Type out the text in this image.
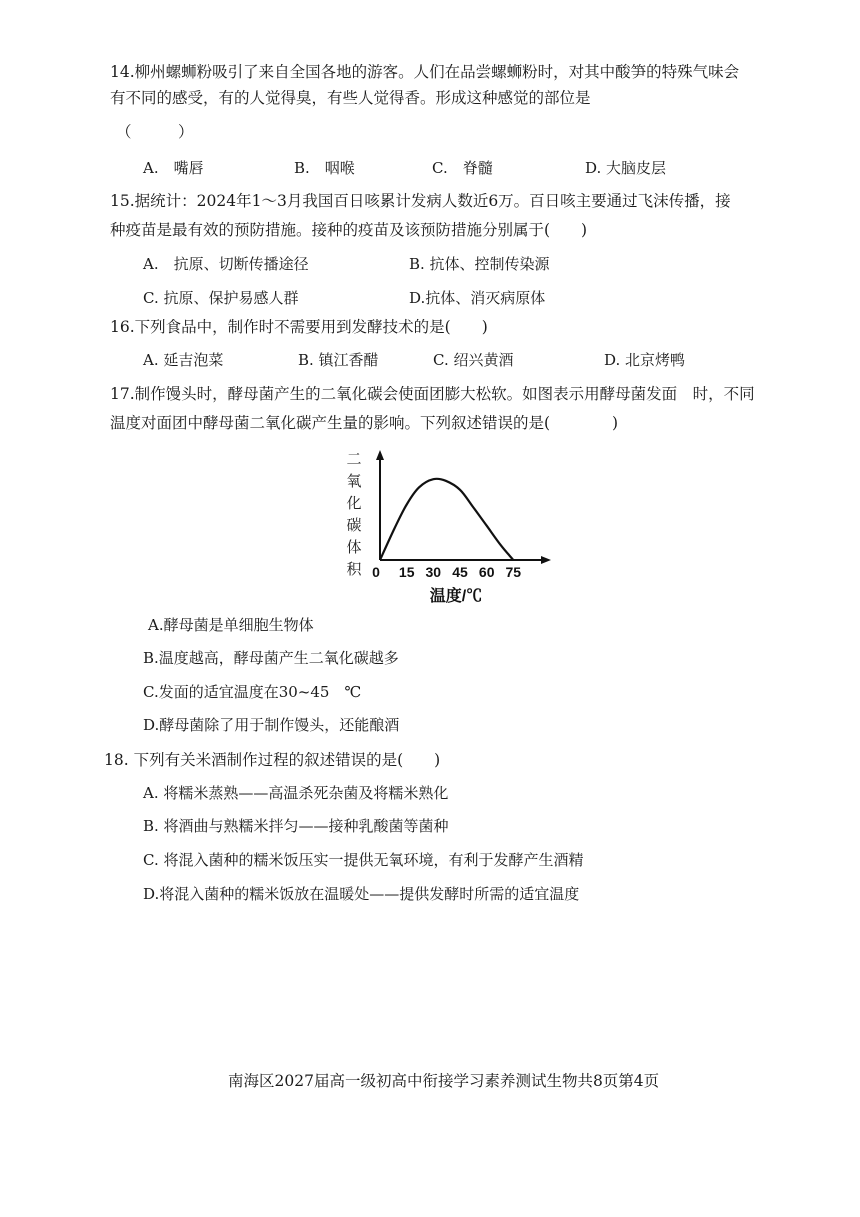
14.柳州螺蛳粉吸引了来自全国各地的游客。人们在品尝螺蛳粉时，对其中酸笋的特殊气味会
有不同的感受，有的人觉得臭，有些人觉得香。形成这种感觉的部位是
（　　　）
A.　嘴唇	B.　咽喉	C.　脊髓	D. 大脑皮层
15.据统计：2024年1～3月我国百日咳累计发病人数近6万。百日咳主要通过飞沫传播，接
种疫苗是最有效的预防措施。接种的疫苗及该预防措施分别属于(　　)
A.　抗原、切断传播途径	B. 抗体、控制传染源
C. 抗原、保护易感人群	D.抗体、消灭病原体
16.下列食品中，制作时不需要用到发酵技术的是(　　)
A. 延吉泡菜	B. 镇江香醋	C. 绍兴黄酒	D. 北京烤鸭
17.制作馒头时，酵母菌产生的二氧化碳会使面团膨大松软。如图表示用酵母菌发面　时，不同
温度对面团中酵母菌二氧化碳产生量的影响。下列叙述错误的是(　　　　)
二
氧
化
碳
体
积 0 15 30 45 60 75
温度/℃
A.酵母菌是单细胞生物体
B.温度越高，酵母菌产生二氧化碳越多
C.发面的适宜温度在30~45　℃
D.酵母菌除了用于制作馒头，还能酿酒
18. 下列有关米酒制作过程的叙述错误的是(　　)
A. 将糯米蒸熟——高温杀死杂菌及将糯米熟化
B. 将酒曲与熟糯米拌匀——接种乳酸菌等菌种
C. 将混入菌种的糯米饭压实一提供无氧环境，有利于发酵产生酒精
D.将混入菌种的糯米饭放在温暖处——提供发酵时所需的适宜温度
南海区2027届高一级初高中衔接学习素养测试生物共8页第4页
